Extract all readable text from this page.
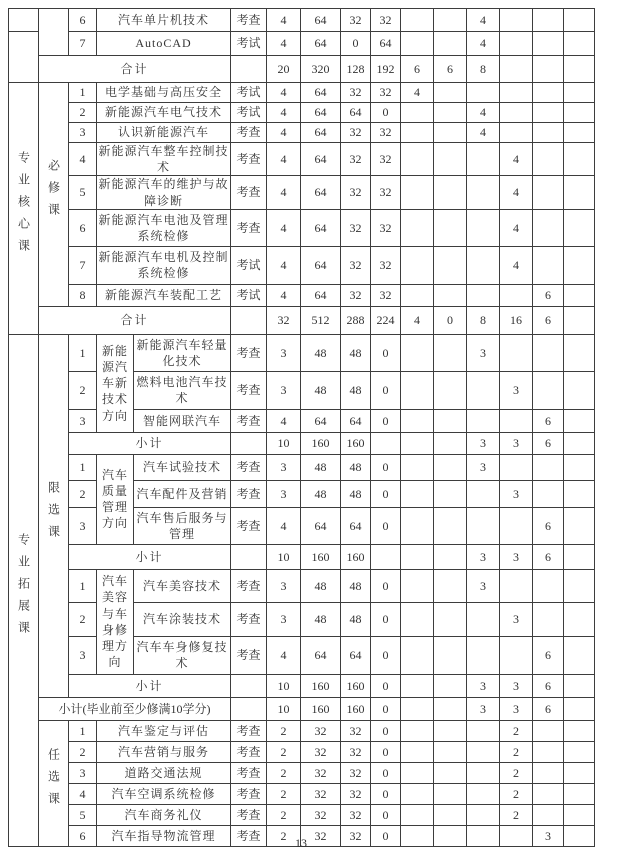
		6	汽车单片机技术		考查	4	64	32	32			4			
		7	AutoCAD		考试	4	64	0	64			4			
	合计					20	320	128	192	6	6	8			
专业核心课	必修课	1	电学基础与高压安全		考试	4	64	32	32	4					
		2	新能源汽车电气技术		考试	4	64	64	0			4			
		3	认识新能源汽车		考查	4	64	32	32			4			
		4	新能源汽车整车控制技术		考查	4	64	32	32				4		
		5	新能源汽车的维护与故障诊断		考查	4	64	32	32				4		
		6	新能源汽车电池及管理系统检修		考查	4	64	32	32				4		
		7	新能源汽车电机及控制系统检修		考试	4	64	32	32				4		
		8	新能源汽车装配工艺		考试	4	64	32	32					6	
	合计					32	512	288	224	4	0	8	16	6	
专业拓展课	限选课	1	新能源汽车新技术方向	新能源汽车轻量化技术	考查	3	48	48	0			3			
		2		燃料电池汽车技术	考查	3	48	48	0				3		
		3		智能网联汽车	考查	4	64	64	0					6	
		小计				10	160	160				3	3	6	
		1	汽车质量管理方向	汽车试验技术	考查	3	48	48	0			3			
		2		汽车配件及营销	考查	3	48	48	0				3		
		3		汽车售后服务与管理	考查	4	64	64	0					6	
		小计				10	160	160				3	3	6	
		1	汽车美容与车身修理方向	汽车美容技术	考查	3	48	48	0			3			
		2		汽车涂装技术	考查	3	48	48	0				3		
		3		汽车车身修复技术	考查	4	64	64	0					6	
		小计				10	160	160	0			3	3	6	
	小计(毕业前至少修满10学分)					10	160	160	0			3	3	6	
	任选课	1	汽车鉴定与评估		考查	2	32	32	0				2		
		2	汽车营销与服务		考查	2	32	32	0				2		
		3	道路交通法规		考查	2	32	32	0				2		
		4	汽车空调系统检修		考查	2	32	32	0				2		
		5	汽车商务礼仪		考查	2	32	32	0				2		
		6	汽车指导物流管理		考查	2	32	32	0					3	
13
